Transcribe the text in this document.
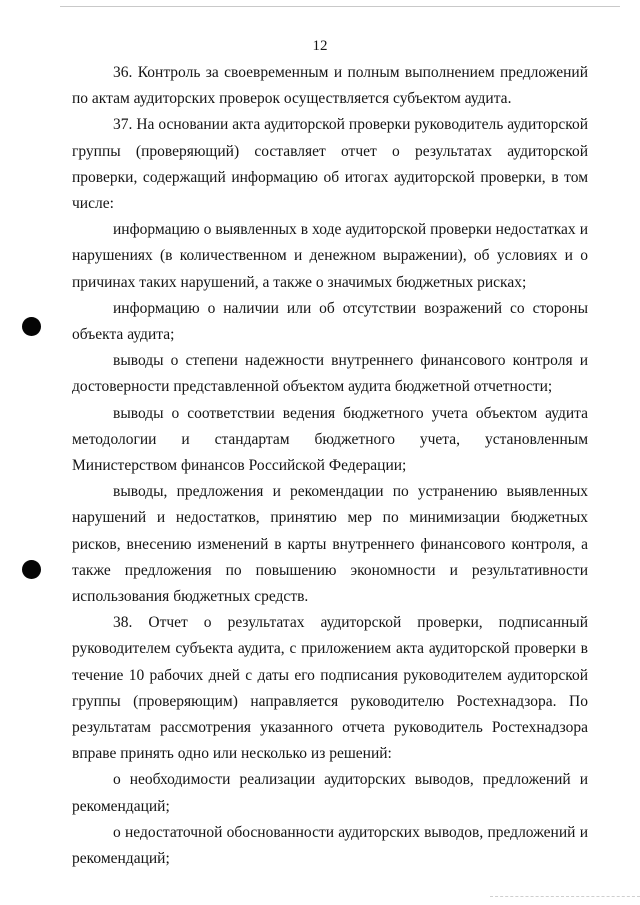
12

36. Контроль за своевременным и полным выполнением предложений по актам аудиторских проверок осуществляется субъектом аудита.

37. На основании акта аудиторской проверки руководитель аудиторской группы (проверяющий) составляет отчет о результатах аудиторской проверки, содержащий информацию об итогах аудиторской проверки, в том числе:

информацию о выявленных в ходе аудиторской проверки недостатках и нарушениях (в количественном и денежном выражении), об условиях и о причинах таких нарушений, а также о значимых бюджетных рисках;

информацию о наличии или об отсутствии возражений со стороны объекта аудита;

выводы о степени надежности внутреннего финансового контроля и достоверности представленной объектом аудита бюджетной отчетности;

выводы о соответствии ведения бюджетного учета объектом аудита методологии и стандартам бюджетного учета, установленным Министерством финансов Российской Федерации;

выводы, предложения и рекомендации по устранению выявленных нарушений и недостатков, принятию мер по минимизации бюджетных рисков, внесению изменений в карты внутреннего финансового контроля, а также предложения по повышению экономности и результативности использования бюджетных средств.

38. Отчет о результатах аудиторской проверки, подписанный руководителем субъекта аудита, с приложением акта аудиторской проверки в течение 10 рабочих дней с даты его подписания руководителем аудиторской группы (проверяющим) направляется руководителю Ростехнадзора. По результатам рассмотрения указанного отчета руководитель Ростехнадзора вправе принять одно или несколько из решений:

о необходимости реализации аудиторских выводов, предложений и рекомендаций;

о недостаточной обоснованности аудиторских выводов, предложений и рекомендаций;
